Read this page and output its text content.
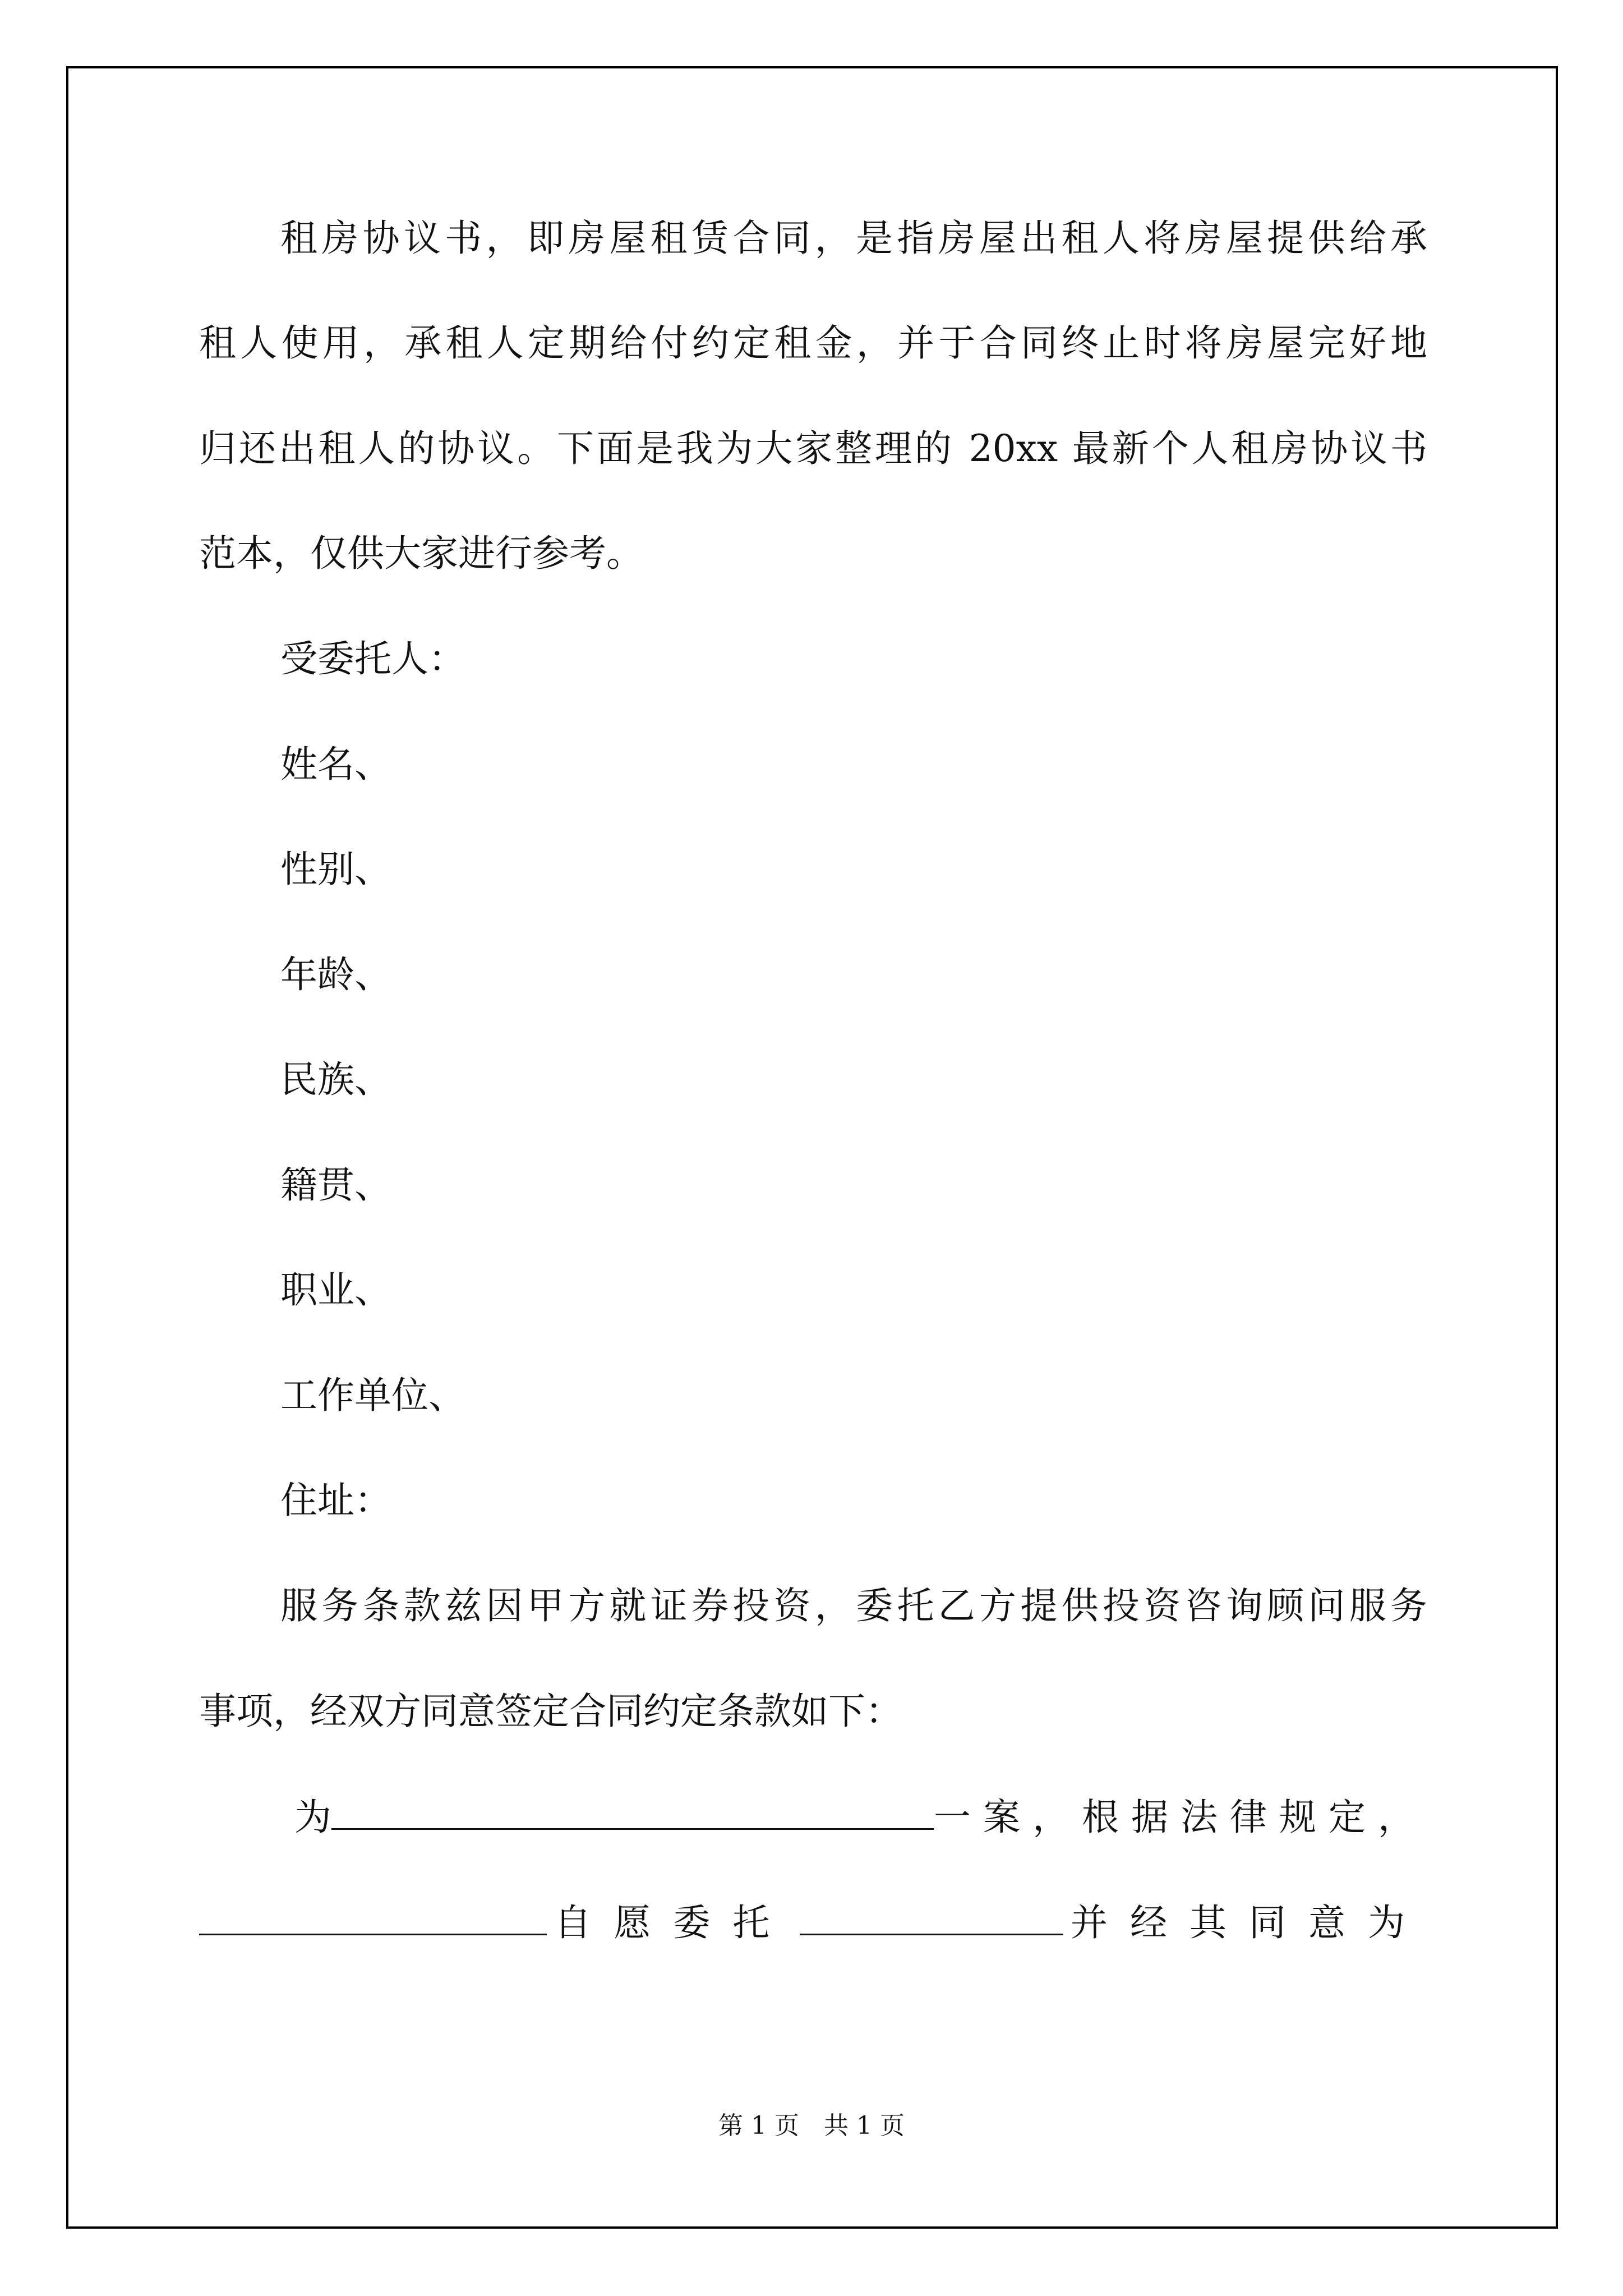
租房协议书，即房屋租赁合同，是指房屋出租人将房屋提供给承
租人使用，承租人定期给付约定租金，并于合同终止时将房屋完好地
归还出租人的协议。下面是我为大家整理的 20xx 最新个人租房协议书
范本，仅供大家进行参考。
受委托人：
姓名、
性别、
年龄、
民族、
籍贯、
职业、
工作单位、
住址：
服务条款兹因甲方就证券投资，委托乙方提供投资咨询顾问服务
事项，经双方同意签定合同约定条款如下：
为	一案，根据法律规定，
自愿委托	并经其同意为
第 1 页 共 1 页
